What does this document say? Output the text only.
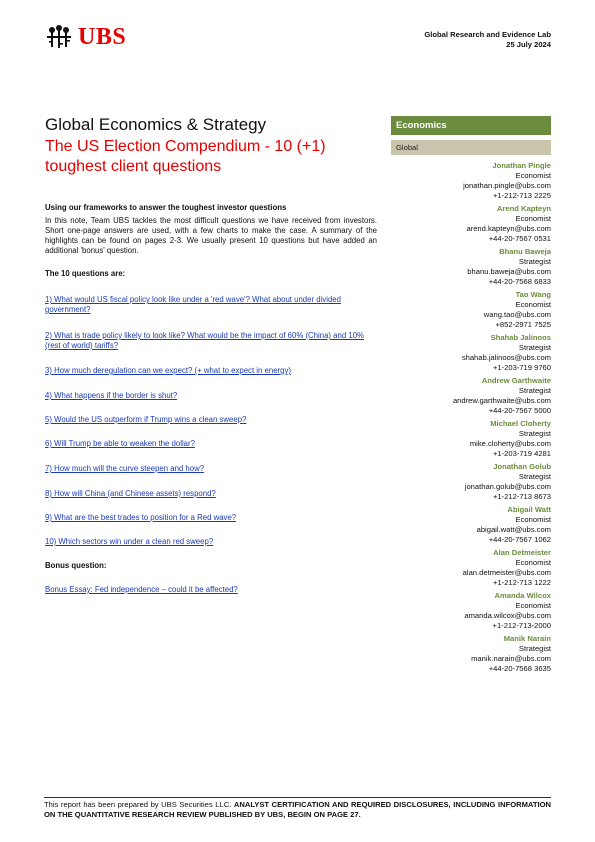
UBS	Global Research and Evidence Lab
25 July 2024
Global Economics & Strategy
The US Election Compendium - 10 (+1) toughest client questions
Using our frameworks to answer the toughest investor questions
In this note, Team UBS tackles the most difficult questions we have received from investors. Short one-page answers are used, with a few charts to make the case. A summary of the highlights can be found on pages 2-3. We usually present 10 questions but have added an additional 'bonus' question.
The 10 questions are:
1) What would US fiscal policy look like under a 'red wave'? What about under divided government?
2) What is trade policy likely to look like? What would be the impact of 60% (China) and 10% (rest of world) tariffs?
3) How much deregulation can we expect? (+ what to expect in energy)
4) What happens if the border is shut?
5) Would the US outperform if Trump wins a clean sweep?
6) Will Trump be able to weaken the dollar?
7) How much will the curve steepen and how?
8) How will China (and Chinese assets) respond?
9) What are the best trades to position for a Red wave?
10) Which sectors win under a clean red sweep?
Bonus question:
Bonus Essay: Fed independence – could it be affected?
Economics
Global
Jonathan Pingle
Economist
jonathan.pingle@ubs.com
+1-212-713 2225
Arend Kapteyn
Economist
arend.kapteyn@ubs.com
+44-20-7567 0531
Bhanu Baweja
Strategist
bhanu.baweja@ubs.com
+44-20-7568 6833
Tao Wang
Economist
wang.tao@ubs.com
+852-2971 7525
Shahab Jalinoos
Strategist
shahab.jalinoos@ubs.com
+1-203-719 9760
Andrew Garthwaite
Strategist
andrew.garthwaite@ubs.com
+44-20-7567 5000
Michael Cloherty
Strategist
mike.cloherty@ubs.com
+1-203-719 4281
Jonathan Golub
Strategist
jonathan.golub@ubs.com
+1-212-713 8673
Abigail Watt
Economist
abigail.watt@ubs.com
+44-20-7567 1062
Alan Detmeister
Economist
alan.detmeister@ubs.com
+1-212-713 1222
Amanda Wilcox
Economist
amanda.wilcox@ubs.com
+1-212-713-2000
Manik Narain
Strategist
manik.narain@ubs.com
+44-20-7568 3635
This report has been prepared by UBS Securities LLC. ANALYST CERTIFICATION AND REQUIRED DISCLOSURES, INCLUDING INFORMATION ON THE QUANTITATIVE RESEARCH REVIEW PUBLISHED BY UBS, BEGIN ON PAGE 27.
